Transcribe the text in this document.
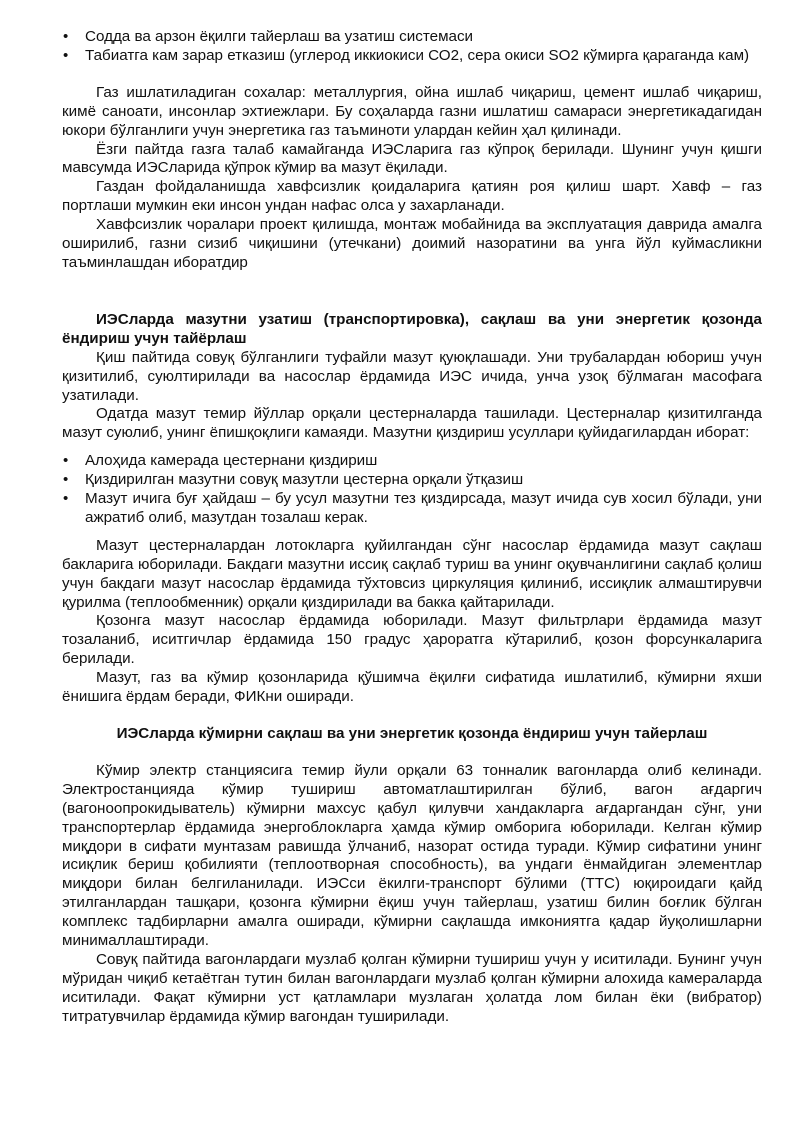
• Содда ва арзон ёқилги тайерлаш ва узатиш системаси
• Табиатга кам зарар етказиш (углерод иккиокиси СО2, сера окиси SO2 кўмирга қараганда кам)

Газ ишлатиладиган сохалар: металлургия, ойна ишлаб чиқариш, цемент ишлаб чиқариш, кимё саноати, инсонлар эхтиежлари. Бу соҳаларда газни ишлатиш самараси энергетикадагидан юкори бўлганлиги учун энергетика газ таъминоти улардан кейин ҳал қилинади.

Ёзги пайтда газга талаб камайганда ИЭСларига газ кўпроқ берилади. Шунинг учун қишги мавсумда ИЭСларида қўпрок кўмир ва мазут ёқилади.

Газдан фойдаланишда хавфсизлик қоидаларига қатиян роя қилиш шарт. Хавф – газ портлаши мумкин еки инсон ундан нафас олса у захарланади.

Хавфсизлик чоралари проект қилишда, монтаж мобайнида ва эксплуатация даврида амалга оширилиб, газни сизиб чиқишини (утечкани) доимий назоратини ва унга йўл куймасликни таъминлашдан иборатдир

ИЭСларда мазутни узатиш (транспортировка), сақлаш ва уни энергетик қозонда ёндириш учун тайёрлаш

Қиш пайтида совуқ бўлганлиги туфайли мазут қуюқлашади. Уни трубалардан юбориш учун қизитилиб, суюлтирилади ва насослар ёрдамида ИЭС ичида, унча узоқ бўлмаган масофага узатилади.

Одатда мазут темир йўллар орқали цестерналарда ташилади. Цестерналар қизитилганда мазут суюлиб, унинг ёпишқоқлиги камаяди. Мазутни қиздириш усуллари қуйидагилардан иборат:

• Алоҳида камерада цестернани қиздириш
• Қиздирилган мазутни совуқ мазутли цестерна орқали ўтқазиш
• Мазут ичига буғ ҳайдаш – бу усул мазутни тез қиздирсада, мазут ичида сув хосил бўлади, уни ажратиб олиб, мазутдан тозалаш керак.

Мазут цестерналардан лотокларга қуйилгандан сўнг насослар ёрдамида мазут сақлаш бакларига юборилади. Бакдаги мазутни иссиқ сақлаб туриш ва унинг оқувчанлигини сақлаб қолиш учун бакдаги мазут насослар ёрдамида тўхтовсиз циркуляция қилиниб, иссиқлик алмаштирувчи қурилма (теплообменник) орқали қиздирилади ва бакка қайтарилади.

Қозонга мазут насослар ёрдамида юборилади. Мазут фильтрлари ёрдамида мазут тозаланиб, иситгичлар ёрдамида 150 градус ҳароратга кўтарилиб, қозон форсункаларига берилади.

Мазут, газ ва кўмир қозонларида қўшимча ёқилғи сифатида ишлатилиб, кўмирни яхши ёнишига ёрдам беради, ФИКни оширади.

ИЭСларда кўмирни сақлаш ва уни энергетик қозонда ёндириш учун тайерлаш

Кўмир электр станциясига темир йули орқали 63 тонналик вагонларда олиб келинади. Электростанцияда кўмир тушириш автоматлаштирилган бўлиб, вагон ағдаргич (вагоноопрокидыватель) кўмирни махсус қабул қилувчи хандакларга ағдаргандан сўнг, уни транспортерлар ёрдамида энергоблокларга ҳамда кўмир омборига юборилади. Келган кўмир миқдори в сифати мунтазам равишда ўлчаниб, назорат остида туради. Кўмир сифатини унинг исиқлик бериш қобилияти (теплоотворная способность), ва ундаги ёнмайдиган элементлар миқдори билан белгиланилади. ИЭСси ёкилги-транспорт бўлими (ТТС) юқироидаги қайд этилганлардан ташқари, қозонга кўмирни ёқиш учун тайерлаш, узатиш билин боғлик бўлган комплекс тадбирларни амалга оширади, кўмирни сақлашда имкониятга қадар йуқолишларни минималлаштиради.

Совуқ пайтида вагонлардаги музлаб қолган кўмирни тушириш учун у иситилади. Бунинг учун мўридан чиқиб кетаётган тутин билан вагонлардаги музлаб қолган кўмирни алохида камераларда иситилади. Фақат кўмирни уст қатламлари музлаган ҳолатда лом билан ёки (вибратор) титратувчилар ёрдамида кўмир вагондан туширилади.
